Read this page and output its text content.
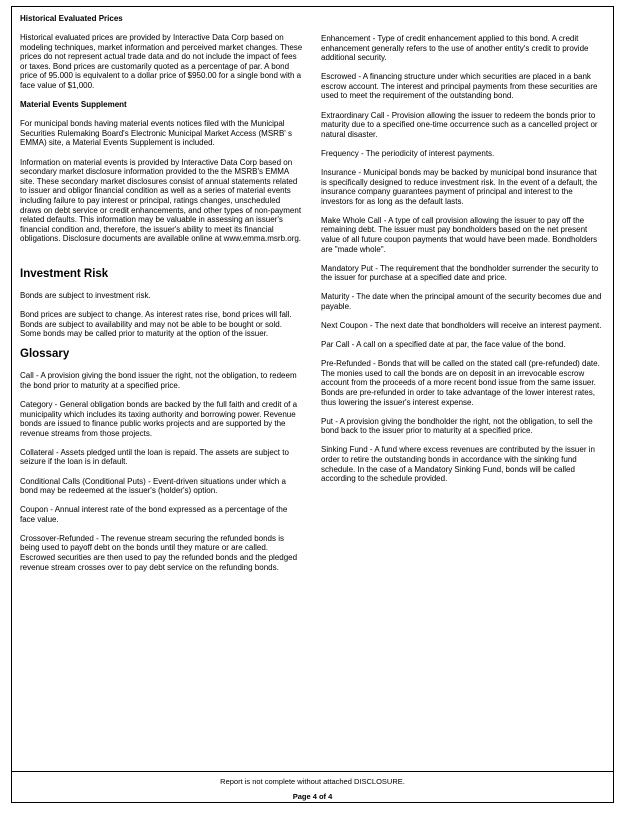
Historical Evaluated Prices
Historical evaluated prices are provided by Interactive Data Corp based on modeling techniques, market information and perceived market changes. These prices do not represent actual trade data and do not include the impact of fees or taxes. Bond prices are customarily quoted as a percentage of par. A bond price of 95.000 is equivalent to a dollar price of $950.00 for a single bond with a face value of $1,000.
Material Events Supplement
For municipal bonds having material events notices filed with the Municipal Securities Rulemaking Board's Electronic Municipal Market Access (MSRB' s EMMA) site, a Material Events Supplement is included.
Information on material events is provided by Interactive Data Corp based on secondary market disclosure information provided to the the MSRB's EMMA site. These secondary market disclosures consist of annual statements related to issuer and obligor financial condition as well as a series of material events including failure to pay interest or principal, ratings changes, unscheduled draws on debt service or credit enhancements, and other types of non-payment related defaults. This information may be valuable in assessing an issuer's financial condition and, therefore, the issuer's ability to meet its financial obligations. Disclosure documents are available online at www.emma.msrb.org.
Investment Risk
Bonds are subject to investment risk.
Bond prices are subject to change. As interest rates rise, bond prices will fall. Bonds are subject to availability and may not be able to be bought or sold. Some bonds may be called prior to maturity at the option of the issuer.
Glossary
Call - A provision giving the bond issuer the right, not the obligation, to redeem the bond prior to maturity at a specified price.
Category - General obligation bonds are backed by the full faith and credit of a municipality which includes its taxing authority and borrowing power. Revenue bonds are issued to finance public works projects and are supported by the revenue streams from those projects.
Collateral - Assets pledged until the loan is repaid. The assets are subject to seizure if the loan is in default.
Conditional Calls (Conditional Puts) - Event-driven situations under which a bond may be redeemed at the issuer's (holder's) option.
Coupon - Annual interest rate of the bond expressed as a percentage of the face value.
Crossover-Refunded - The revenue stream securing the refunded bonds is being used to payoff debt on the bonds until they mature or are called. Escrowed securities are then used to pay the refunded bonds and the pledged revenue stream crosses over to pay debt service on the refunding bonds.
Enhancement - Type of credit enhancement applied to this bond. A credit enhancement generally refers to the use of another entity's credit to provide additional security.
Escrowed - A financing structure under which securities are placed in a bank escrow account. The interest and principal payments from these securities are used to meet the requirement of the outstanding bond.
Extraordinary Call - Provision allowing the issuer to redeem the bonds prior to maturity due to a specified one-time occurrence such as a cancelled project or natural disaster.
Frequency - The periodicity of interest payments.
Insurance - Municipal bonds may be backed by municipal bond insurance that is specifically designed to reduce investment risk. In the event of a default, the insurance company guarantees payment of principal and interest to the investors for as long as the default lasts.
Make Whole Call - A type of call provision allowing the issuer to pay off the remaining debt. The issuer must pay bondholders based on the net present value of all future coupon payments that would have been made. Bondholders are "made whole".
Mandatory Put - The requirement that the bondholder surrender the security to the issuer for purchase at a specified date and price.
Maturity - The date when the principal amount of the security becomes due and payable.
Next Coupon - The next date that bondholders will receive an interest payment.
Par Call - A call on a specified date at par, the face value of the bond.
Pre-Refunded - Bonds that will be called on the stated call (pre-refunded) date. The monies used to call the bonds are on deposit in an irrevocable escrow account from the proceeds of a more recent bond issue from the same issuer. Bonds are pre-refunded in order to take advantage of the lower interest rates, thus lowering the issuer's interest expense.
Put - A provision giving the bondholder the right, not the obligation, to sell the bond back to the issuer prior to maturity at a specified price.
Sinking Fund - A fund where excess revenues are contributed by the issuer in order to retire the outstanding bonds in accordance with the sinking fund schedule. In the case of a Mandatory Sinking Fund, bonds will be called according to the schedule provided.
Report is not complete without attached DISCLOSURE.
Page 4 of 4
